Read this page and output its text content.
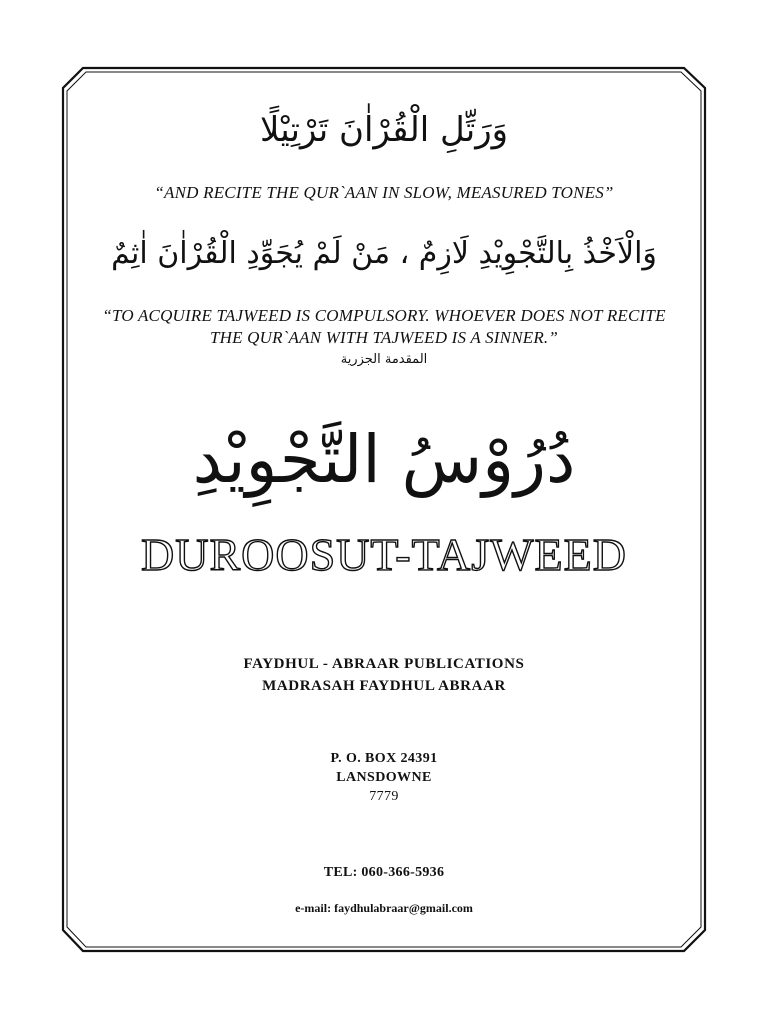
وَرَتِّلِ الْقُرْاٰنَ تَرْتِيْلًا
“AND RECITE THE QUR`AAN IN SLOW, MEASURED TONES”
وَالْاَخْذُ بِالتَّجْوِيْدِ لَازِمٌ ، مَنْ لَمْ يُجَوِّدِ الْقُرْاٰنَ اٰثِمٌ
“TO ACQUIRE TAJWEED IS COMPULSORY. WHOEVER DOES NOT RECITE
THE QUR`AAN WITH TAJWEED IS A SINNER.”
المقدمة الجزرية
دُرُوْسُ التَّجْوِيْدِ
DUROOSUT-TAJWEED
FAYDHUL - ABRAAR PUBLICATIONS
MADRASAH FAYDHUL ABRAAR
P. O. BOX 24391
LANSDOWNE
7779
TEL: 060-366-5936
e-mail: faydhulabraar@gmail.com
